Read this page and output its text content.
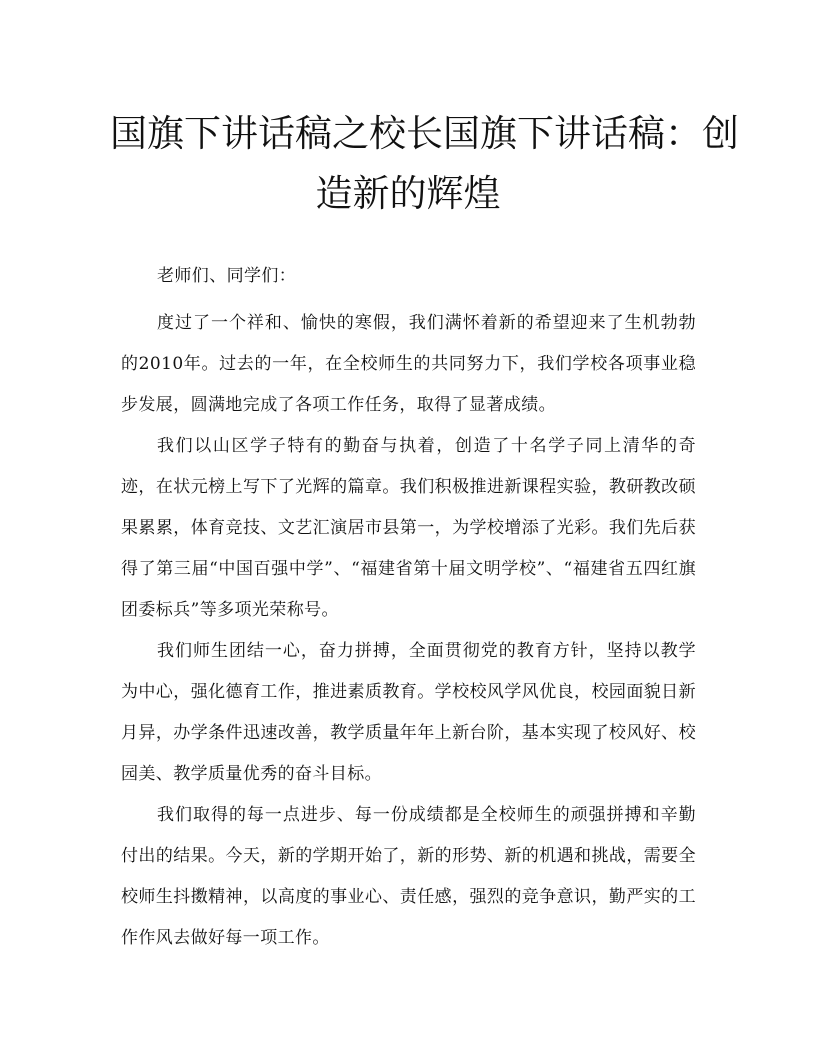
国旗下讲话稿之校长国旗下讲话稿：创
造新的辉煌

老师们、同学们：

度过了一个祥和、愉快的寒假，我们满怀着新的希望迎来了生机勃勃的2010年。过去的一年，在全校师生的共同努力下，我们学校各项事业稳步发展，圆满地完成了各项工作任务，取得了显著成绩。

我们以山区学子特有的勤奋与执着，创造了十名学子同上清华的奇迹，在状元榜上写下了光辉的篇章。我们积极推进新课程实验，教研教改硕果累累，体育竞技、文艺汇演居市县第一，为学校增添了光彩。我们先后获得了第三届“中国百强中学”、“福建省第十届文明学校”、“福建省五四红旗团委标兵”等多项光荣称号。

我们师生团结一心，奋力拼搏，全面贯彻党的教育方针，坚持以教学为中心，强化德育工作，推进素质教育。学校校风学风优良，校园面貌日新月异，办学条件迅速改善，教学质量年年上新台阶，基本实现了校风好、校园美、教学质量优秀的奋斗目标。

我们取得的每一点进步、每一份成绩都是全校师生的顽强拼搏和辛勤付出的结果。今天，新的学期开始了，新的形势、新的机遇和挑战，需要全校师生抖擞精神，以高度的事业心、责任感，强烈的竞争意识，勤严实的工作作风去做好每一项工作。
